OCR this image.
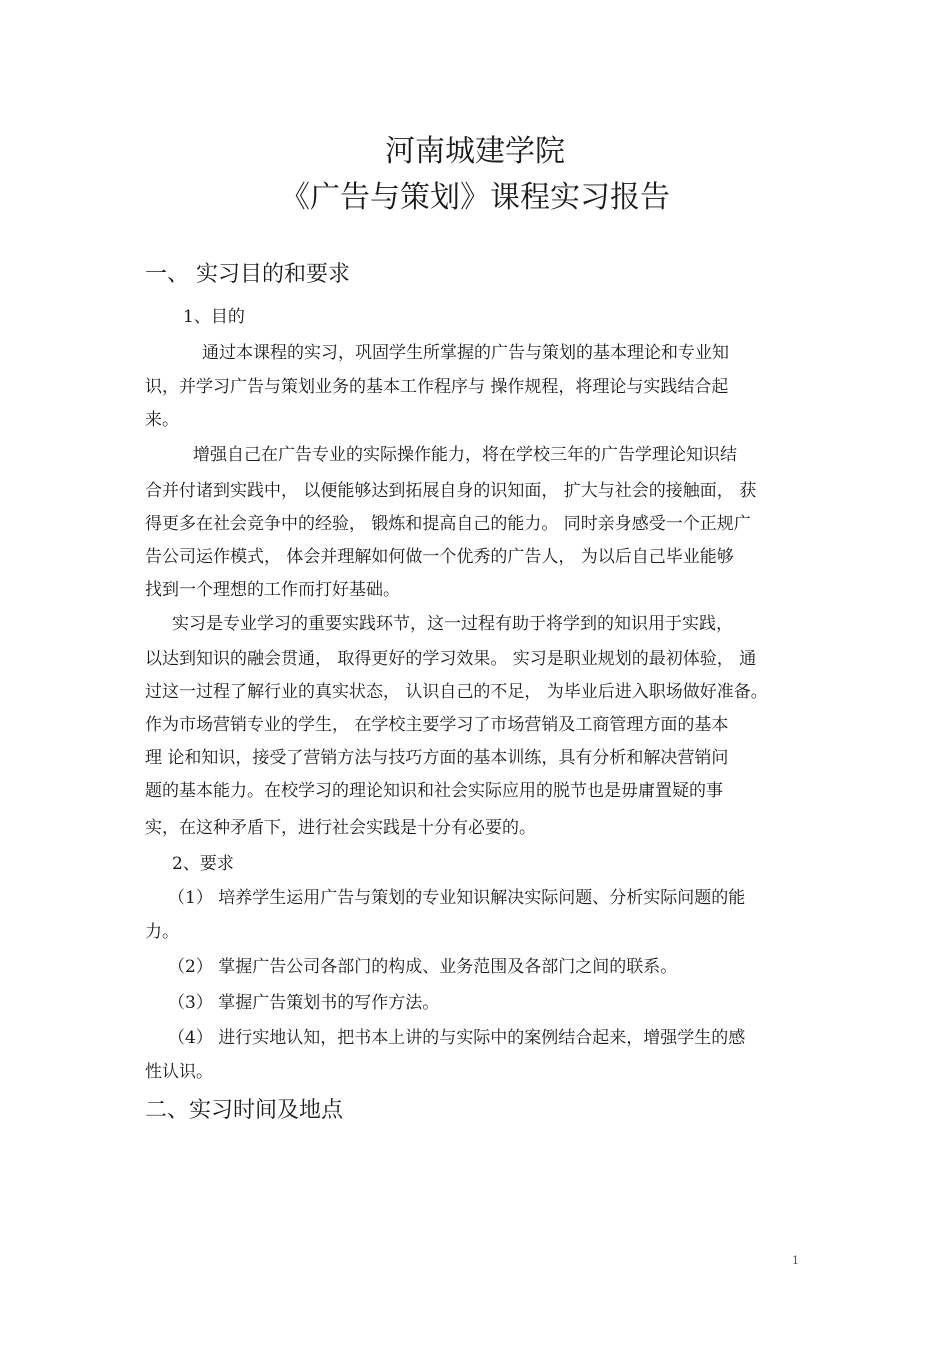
河南城建学院
《广告与策划》课程实习报告
一、 实习目的和要求

1、目的

通过本课程的实习，巩固学生所掌握的广告与策划的基本理论和专业知

识，并学习广告与策划业务的基本工作程序与 操作规程，将理论与实践结合起

来。

增强自己在广告专业的实际操作能力，将在学校三年的广告学理论知识结

合并付诸到实践中， 以便能够达到拓展自身的识知面， 扩大与社会的接触面， 获

得更多在社会竞争中的经验， 锻炼和提高自己的能力。 同时亲身感受一个正规广

告公司运作模式， 体会并理解如何做一个优秀的广告人， 为以后自己毕业能够

找到一个理想的工作而打好基础。

实习是专业学习的重要实践环节，这一过程有助于将学到的知识用于实践，

以达到知识的融会贯通， 取得更好的学习效果。 实习是职业规划的最初体验， 通

过这一过程了解行业的真实状态， 认识自己的不足， 为毕业后进入职场做好准备。

作为市场营销专业的学生， 在学校主要学习了市场营销及工商管理方面的基本

理 论和知识，接受了营销方法与技巧方面的基本训练，具有分析和解决营销问

题的基本能力。在校学习的理论知识和社会实际应用的脱节也是毋庸置疑的事

实，在这种矛盾下，进行社会实践是十分有必要的。

2、要求

（1） 培养学生运用广告与策划的专业知识解决实际问题、分析实际问题的能

力。

（2） 掌握广告公司各部门的构成、业务范围及各部门之间的联系。

（3） 掌握广告策划书的写作方法。

（4） 进行实地认知，把书本上讲的与实际中的案例结合起来，增强学生的感

性认识。

二、实习时间及地点
1
